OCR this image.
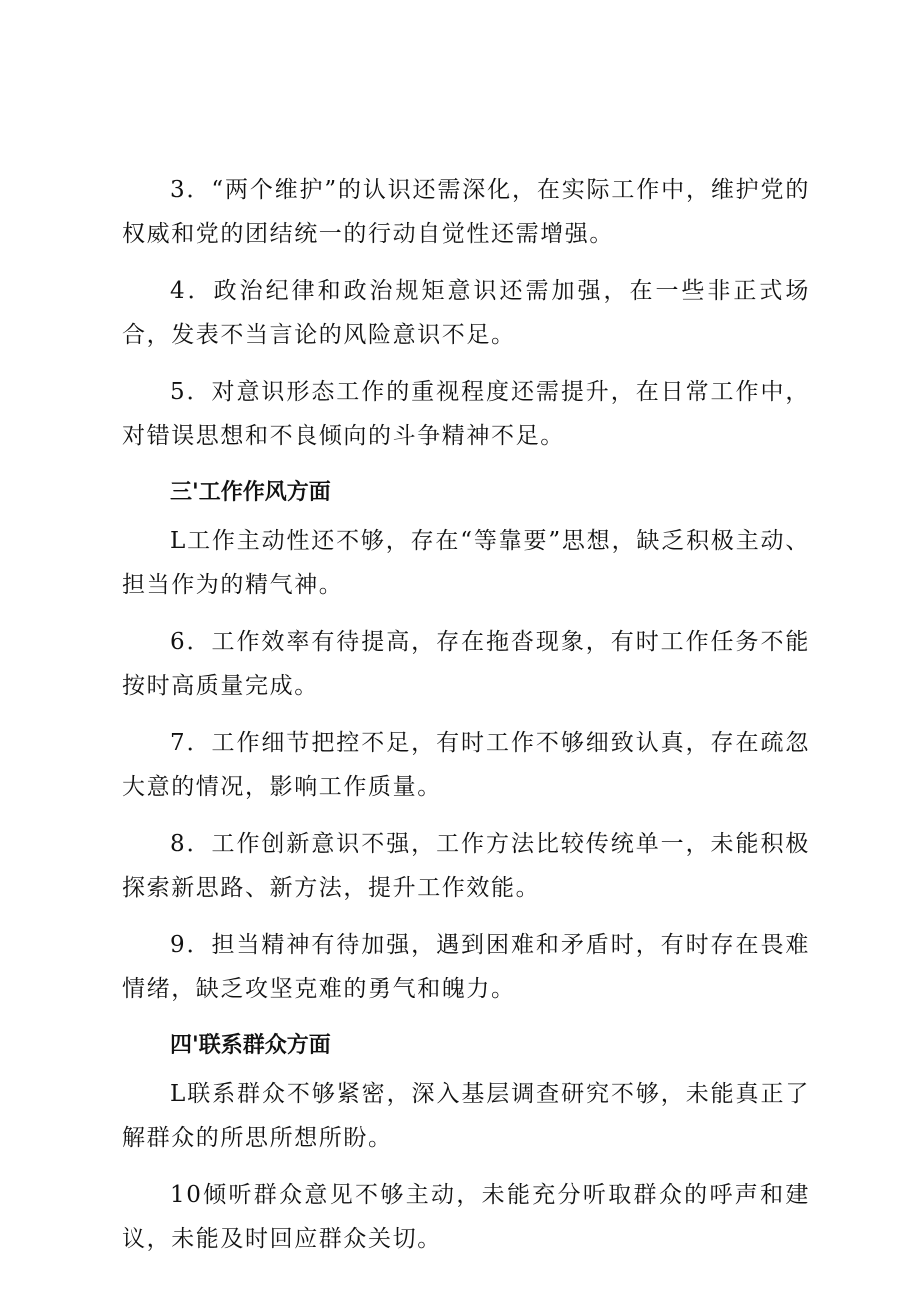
3．“两个维护”的认识还需深化，在实际工作中，维护党的权威和党的团结统一的行动自觉性还需增强。

4．政治纪律和政治规矩意识还需加强，在一些非正式场合，发表不当言论的风险意识不足。

5．对意识形态工作的重视程度还需提升，在日常工作中，对错误思想和不良倾向的斗争精神不足。

三'工作作风方面

L工作主动性还不够，存在“等靠要”思想，缺乏积极主动、担当作为的精气神。

6．工作效率有待提高，存在拖沓现象，有时工作任务不能按时高质量完成。

7．工作细节把控不足，有时工作不够细致认真，存在疏忽大意的情况，影响工作质量。

8．工作创新意识不强，工作方法比较传统单一，未能积极探索新思路、新方法，提升工作效能。

9．担当精神有待加强，遇到困难和矛盾时，有时存在畏难情绪，缺乏攻坚克难的勇气和魄力。

四'联系群众方面

L联系群众不够紧密，深入基层调查研究不够，未能真正了解群众的所思所想所盼。

10倾听群众意见不够主动，未能充分听取群众的呼声和建议，未能及时回应群众关切。
